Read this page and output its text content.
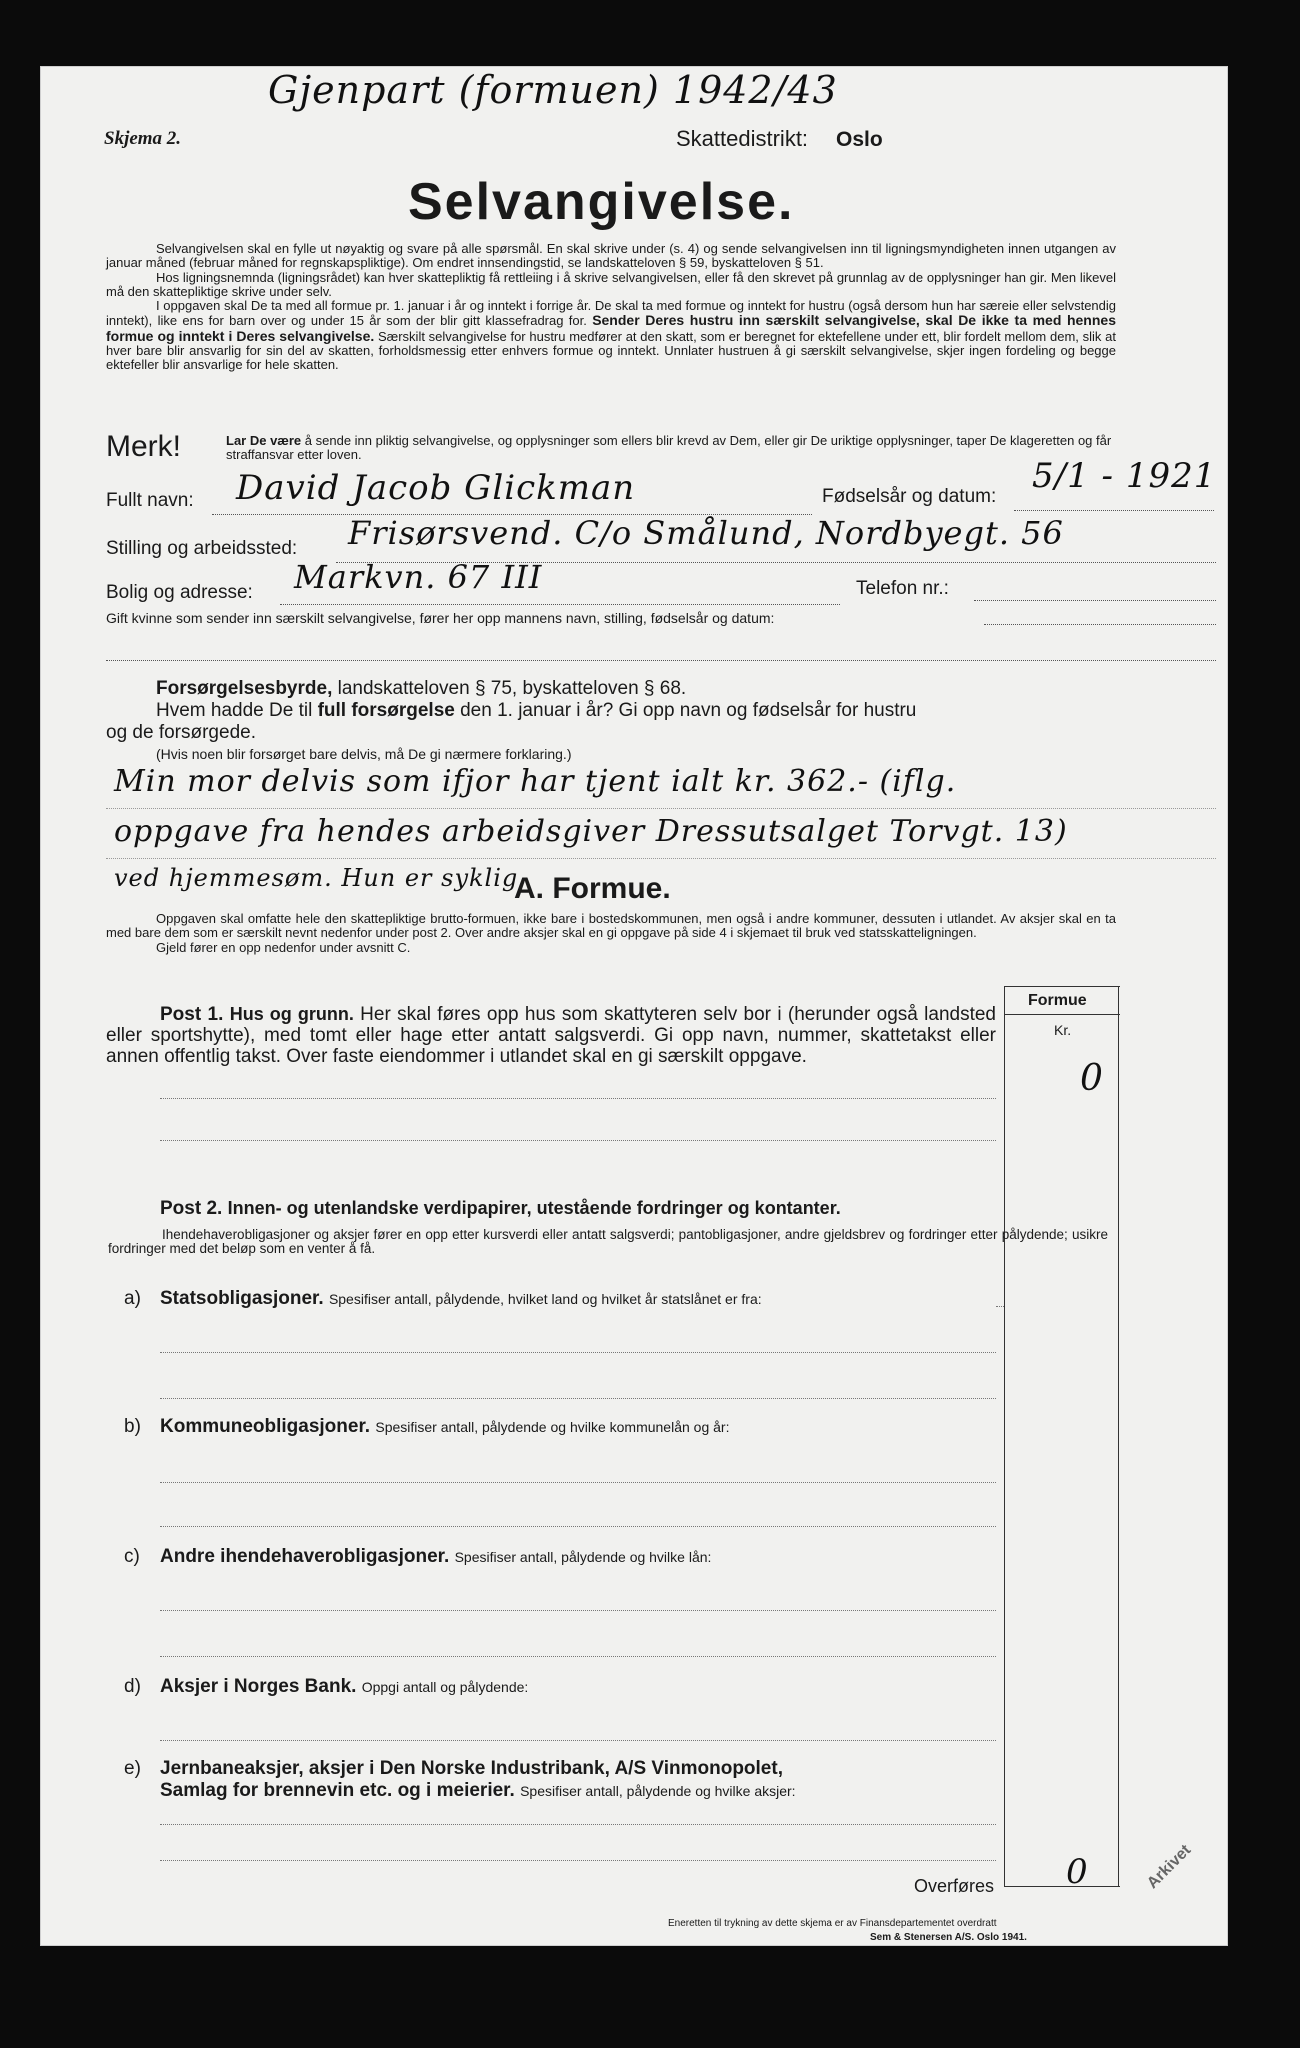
Gjenpart (formuen) 1942/43
Skjema 2.	Skattedistrikt: Oslo
Selvangivelse.
Selvangivelsen skal en fylle ut nøyaktig og svare på alle spørsmål. En skal skrive under (s. 4) og sende selvangivelsen inn til ligningsmyndigheten innen utgangen av januar måned (februar måned for regnskapspliktige). Om endret innsendingstid, se landskatteloven § 59, byskatteloven § 51.
Hos ligningsnemnda (ligningsrådet) kan hver skattepliktig få rettleiing i å skrive selvangivelsen, eller få den skrevet på grunnlag av de opplysninger han gir. Men likevel må den skattepliktige skrive under selv.
I oppgaven skal De ta med all formue pr. 1. januar i år og inntekt i forrige år. De skal ta med formue og inntekt for hustru (også dersom hun har særeie eller selvstendig inntekt), like ens for barn over og under 15 år som der blir gitt klassefradrag for. Sender Deres hustru inn særskilt selvangivelse, skal De ikke ta med hennes formue og inntekt i Deres selvangivelse. Særskilt selvangivelse for hustru medfører at den skatt, som er beregnet for ektefellene under ett, blir fordelt mellom dem, slik at hver bare blir ansvarlig for sin del av skatten, forholdsmessig etter enhvers formue og inntekt. Unnlater hustruen å gi særskilt selvangivelse, skjer ingen fordeling og begge ektefeller blir ansvarlige for hele skatten.
Merk!	Lar De være å sende inn pliktig selvangivelse, og opplysninger som ellers blir krevd av Dem, eller gir De uriktige opplysninger, taper De klageretten og får straffansvar etter loven.
Fullt navn: David Jacob Glickman	Fødselsår og datum:
5/1 - 1921
Stilling og arbeidssted: Frisørsvend. C/o Smålund, Nordbyegt. 56
Bolig og adresse: Markvn. 67 III	Telefon nr.:
Gift kvinne som sender inn særskilt selvangivelse, fører her opp mannens navn, stilling, fødselsår og datum:
Forsørgelsesbyrde, landskatteloven § 75, byskatteloven § 68.
Hvem hadde De til full forsørgelse den 1. januar i år? Gi opp navn og fødselsår for hustru
og de forsørgede.
(Hvis noen blir forsørget bare delvis, må De gi nærmere forklaring.)
Min mor delvis som ifjor har tjent ialt kr. 362.- (iflg.
oppgave fra hendes arbeidsgiver Dressutsalget Torvgt. 13)
ved hjemmesøm. Hun er syklig
A. Formue.
Oppgaven skal omfatte hele den skattepliktige brutto-formuen, ikke bare i bostedskommunen, men også i andre kommuner, dessuten i utlandet. Av aksjer skal en ta med bare dem som er særskilt nevnt nedenfor under post 2. Over andre aksjer skal en gi oppgave på side 4 i skjemaet til bruk ved statsskatteligningen.
Gjeld fører en opp nedenfor under avsnitt C.
Formue
Kr.
Post 1. Hus og grunn. Her skal føres opp hus som skattyteren selv bor i (herunder også landsted eller sportshytte), med tomt eller hage etter antatt salgsverdi. Gi opp navn, nummer, skattetakst eller annen offentlig takst. Over faste eiendommer i utlandet skal en gi særskilt oppgave.
0
Post 2. Innen- og utenlandske verdipapirer, utestående fordringer og kontanter.
Ihendehaverobligasjoner og aksjer fører en opp etter kursverdi eller antatt salgsverdi; pantobligasjoner, andre gjeldsbrev og fordringer etter pålydende; usikre fordringer med det beløp som en venter å få.
a) Statsobligasjoner. Spesifiser antall, pålydende, hvilket land og hvilket år statslånet er fra:
b) Kommuneobligasjoner. Spesifiser antall, pålydende og hvilke kommunelån og år:
c) Andre ihendehaverobligasjoner. Spesifiser antall, pålydende og hvilke lån:
d) Aksjer i Norges Bank. Oppgi antall og pålydende:
e) Jernbaneaksjer, aksjer i Den Norske Industribank, A/S Vinmonopolet,
Samlag for brennevin etc. og i meierier. Spesifiser antall, pålydende og hvilke aksjer:
Overføres 0
Eneretten til trykning av dette skjema er av Finansdepartementet overdratt
Sem & Stenersen A/S. Oslo 1941.
Arkivet
